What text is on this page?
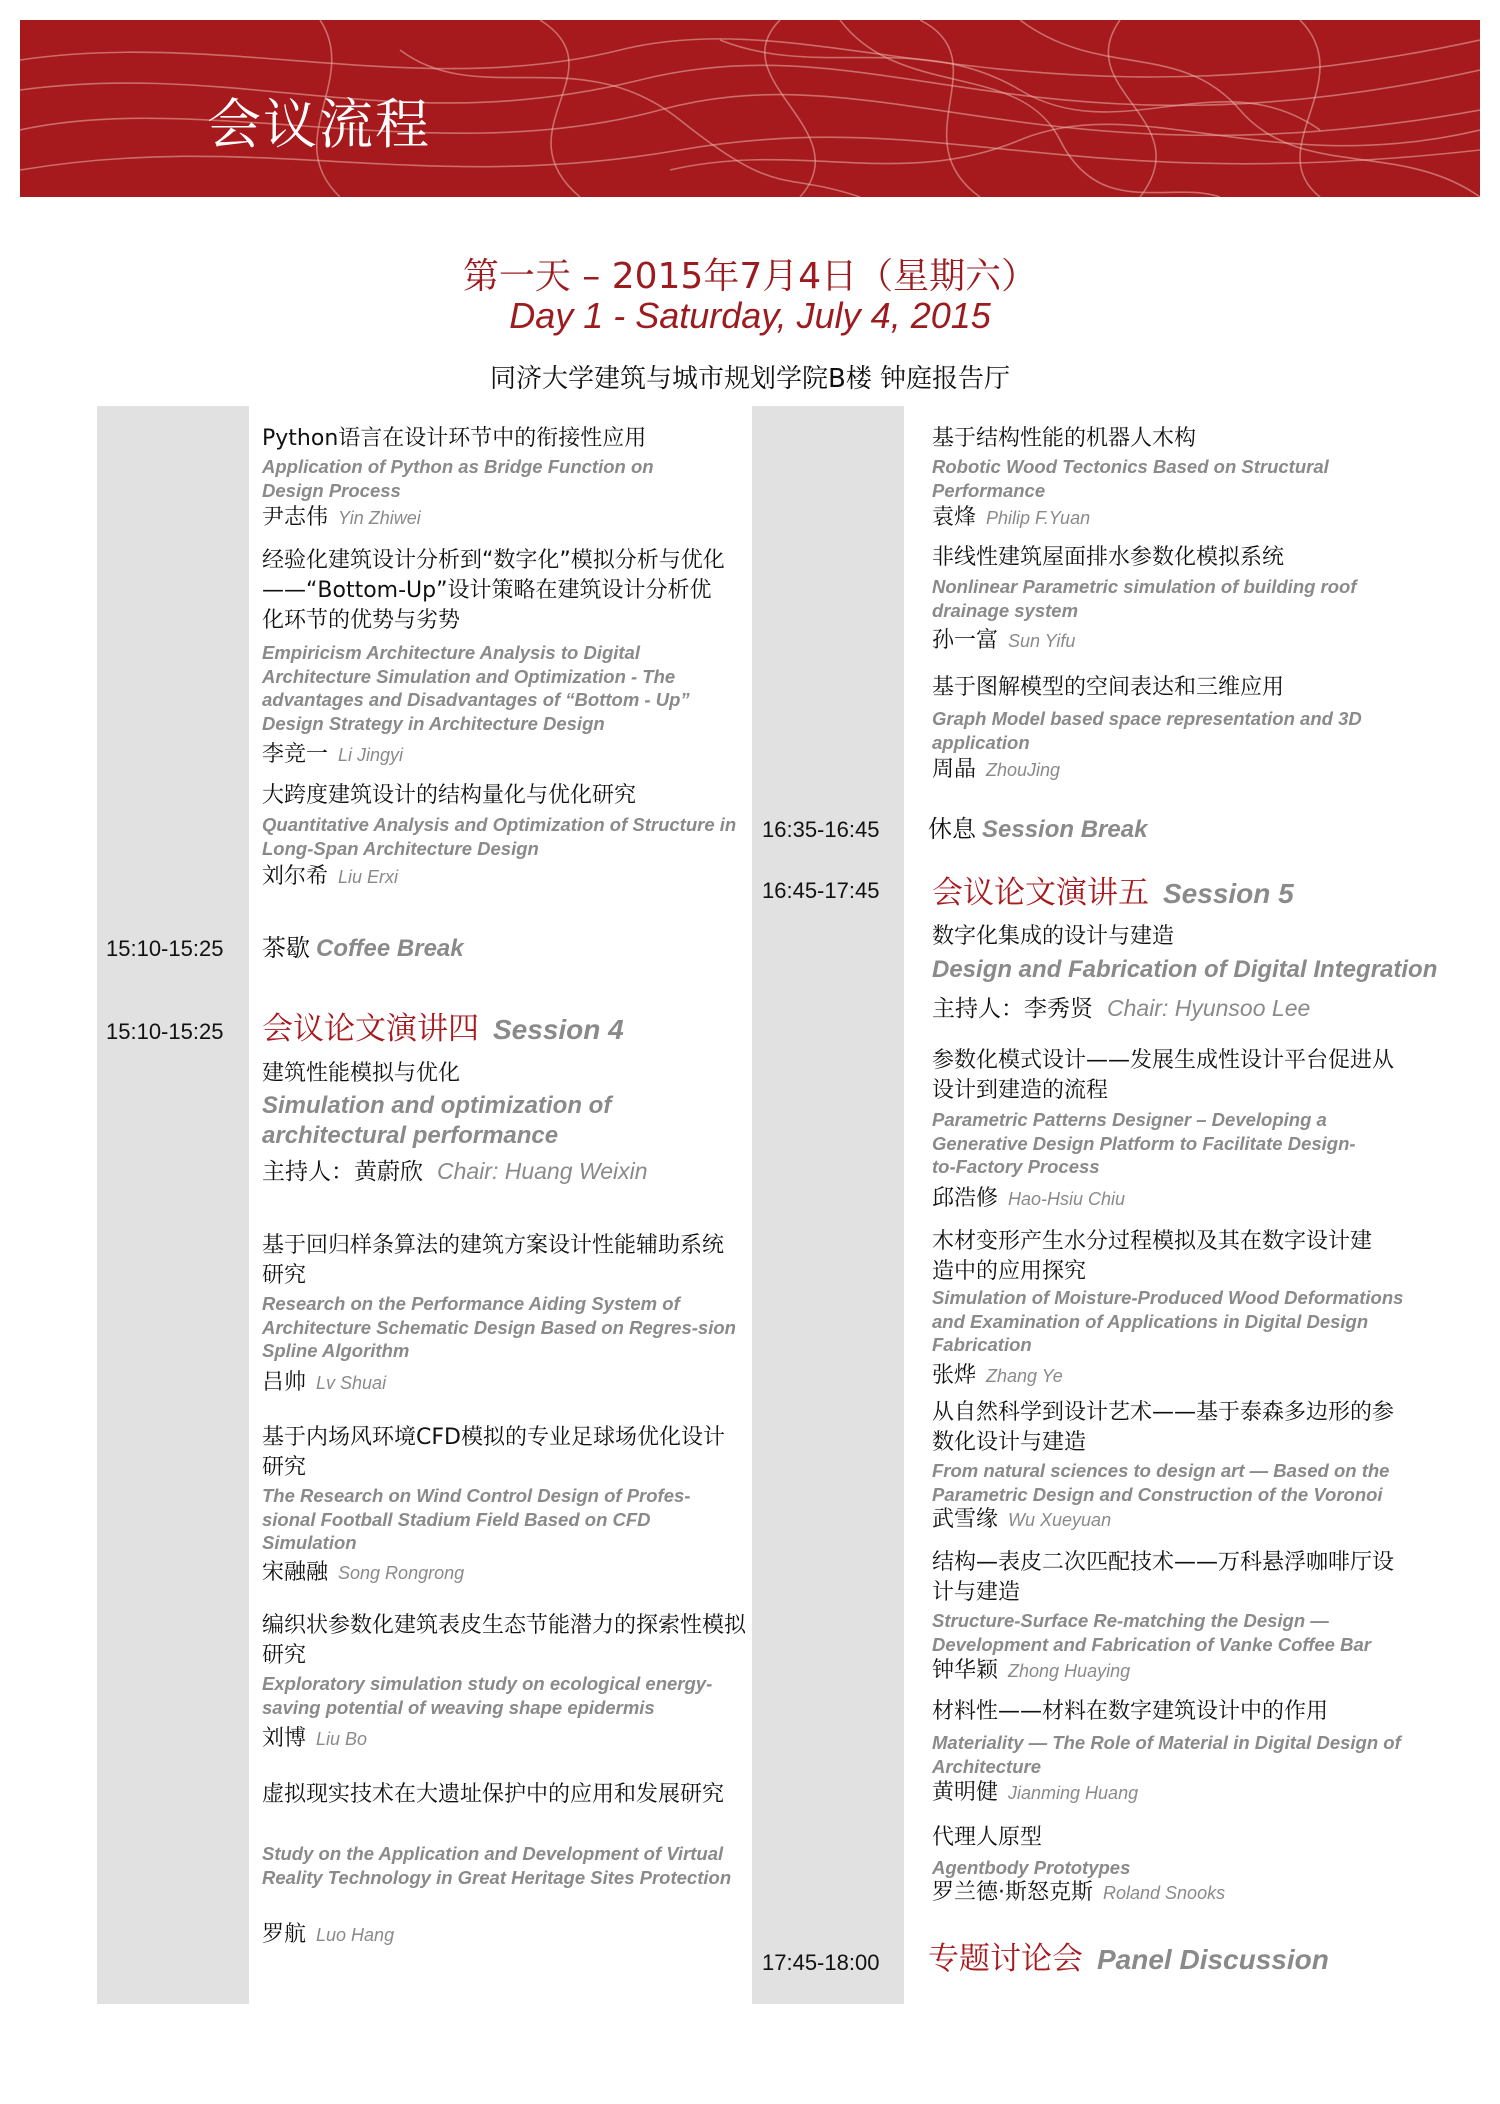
会议流程
第一天 – 2015年7月4日（星期六）
Day 1 - Saturday, July 4, 2015
同济大学建筑与城市规划学院B楼 钟庭报告厅
Python语言在设计环节中的衔接性应用
Application of Python as Bridge Function on Design Process
尹志伟 Yin Zhiwei
经验化建筑设计分析到“数字化”模拟分析与优化——“Bottom-Up”设计策略在建筑设计分析优化环节的优势与劣势
Empiricism Architecture Analysis to Digital Architecture Simulation and Optimization - The advantages and Disadvantages of “Bottom - Up” Design Strategy in Architecture Design
李竞一 Li Jingyi
大跨度建筑设计的结构量化与优化研究
Quantitative Analysis and Optimization of Structure in Long-Span Architecture Design
刘尔希 Liu Erxi
15:10-15:25 茶歇 Coffee Break
15:10-15:25 会议论文演讲四 Session 4
建筑性能模拟与优化
Simulation and optimization of architectural performance
主持人：黄蔚欣 Chair: Huang Weixin
基于回归样条算法的建筑方案设计性能辅助系统研究
Research on the Performance Aiding System of Architecture Schematic Design Based on Regres-sion Spline Algorithm
吕帅 Lv Shuai
基于内场风环境CFD模拟的专业足球场优化设计研究
The Research on Wind Control Design of Profes-sional Football Stadium Field Based on CFD Simulation
宋融融 Song Rongrong
编织状参数化建筑表皮生态节能潜力的探索性模拟研究
Exploratory simulation study on ecological energy-saving potential of weaving shape epidermis
刘博 Liu Bo
虚拟现实技术在大遗址保护中的应用和发展研究
Study on the Application and Development of Virtual Reality Technology in Great Heritage Sites Protection
罗航 Luo Hang
基于结构性能的机器人木构
Robotic Wood Tectonics Based on Structural Performance
袁烽 Philip F.Yuan
非线性建筑屋面排水参数化模拟系统
Nonlinear Parametric simulation of building roof drainage system
孙一富 Sun Yifu
基于图解模型的空间表达和三维应用
Graph Model based space representation and 3D application
周晶 ZhouJing
16:35-16:45 休息 Session Break
16:45-17:45 会议论文演讲五 Session 5
数字化集成的设计与建造
Design and Fabrication of Digital Integration
主持人：李秀贤 Chair: Hyunsoo Lee
参数化模式设计——发展生成性设计平台促进从设计到建造的流程
Parametric Patterns Designer – Developing a Generative Design Platform to Facilitate Design-to-Factory Process
邱浩修 Hao-Hsiu Chiu
木材变形产生水分过程模拟及其在数字设计建造中的应用探究
Simulation of Moisture-Produced Wood Deformations and Examination of Applications in Digital Design Fabrication
张烨 Zhang Ye
从自然科学到设计艺术——基于泰森多边形的参数化设计与建造
From natural sciences to design art — Based on the Parametric Design and Construction of the Voronoi
武雪缘 Wu Xueyuan
结构—表皮二次匹配技术——万科悬浮咖啡厅设计与建造
Structure-Surface Re-matching the Design — Development and Fabrication of Vanke Coffee Bar
钟华颖 Zhong Huaying
材料性——材料在数字建筑设计中的作用
Materiality — The Role of Material in Digital Design of Architecture
黄明健 Jianming Huang
代理人原型
Agentbody Prototypes
罗兰德·斯怒克斯 Roland Snooks
17:45-18:00 专题讨论会 Panel Discussion
